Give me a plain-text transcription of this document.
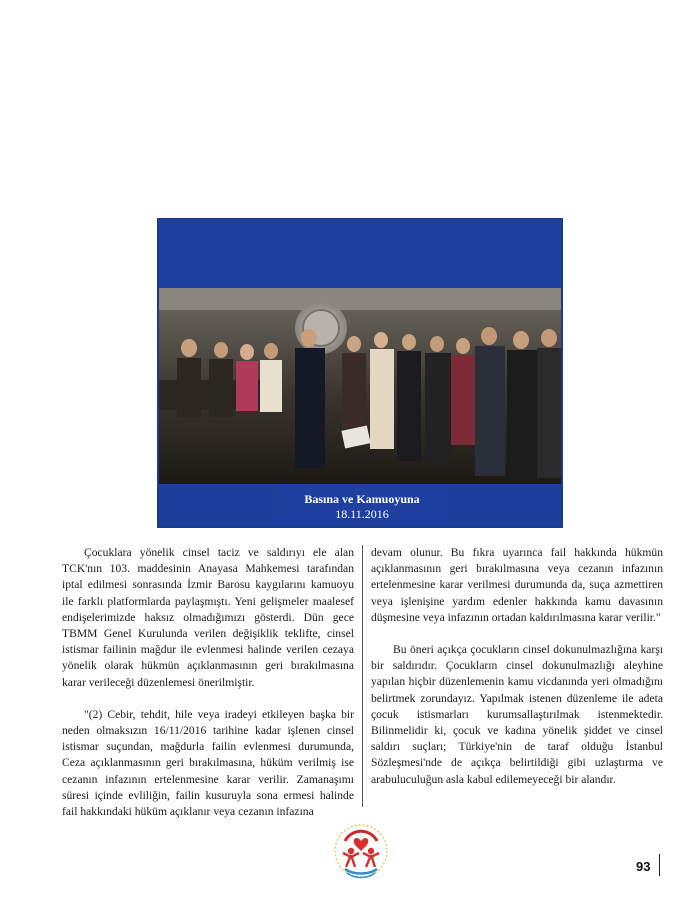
Basına ve Kamuoyuna
18.11.2016

Çocuklara yönelik cinsel taciz ve saldırıyı ele alan TCK'nın 103. maddesinin Anayasa Mahkemesi tarafından iptal edilmesi sonrasında İzmir Barosu kaygılarını kamuoyu ile farklı platformlarda paylaşmıştı. Yeni gelişmeler maalesef endişelerimizde haksız olmadığımızı gösterdi. Dün gece TBMM Genel Kurulunda verilen değişiklik teklifte, cinsel istismar failinin mağdur ile evlenmesi halinde verilen cezaya yönelik olarak hükmün açıklanmasının geri bırakılmasına karar verileceği düzenlemesi önerilmiştir.

"(2) Cebir, tehdit, hile veya iradeyi etkileyen başka bir neden olmaksızın 16/11/2016 tarihine kadar işlenen cinsel istismar suçundan, mağdurla failin evlenmesi durumunda, Ceza açıklanmasının geri bırakılmasına, hüküm verilmiş ise cezanın infazının ertelenmesine karar verilir. Zamanaşımı süresi içinde evliliğin, failin kusuruyla sona ermesi halinde fail hakkındaki hüküm açıklanır veya cezanın infazına

devam olunur. Bu fıkra uyarınca fail hakkında hükmün açıklanmasının geri bırakılmasına veya cezanın infazının ertelenmesine karar verilmesi durumunda da, suça azmettiren veya işlenişine yardım edenler hakkında kamu davasının düşmesine veya infazının ortadan kaldırılmasına karar verilir."

Bu öneri açıkça çocukların cinsel dokunulmazlığına karşı bir saldırıdır. Çocukların cinsel dokunulmazlığı aleyhine yapılan hiçbir düzenlemenin kamu vicdanında yeri olmadığını belirtmek zorundayız. Yapılmak istenen düzenleme ile adeta çocuk istismarları kurumsallaştırılmak istenmektedir. Bilinmelidir ki, çocuk ve kadına yönelik şiddet ve cinsel saldırı suçları; Türkiye'nin de taraf olduğu İstanbul Sözleşmesi'nde de açıkça belirtildiği gibi uzlaştırma ve arabuluculuğun asla kabul edilemeyeceği bir alandır.

93
